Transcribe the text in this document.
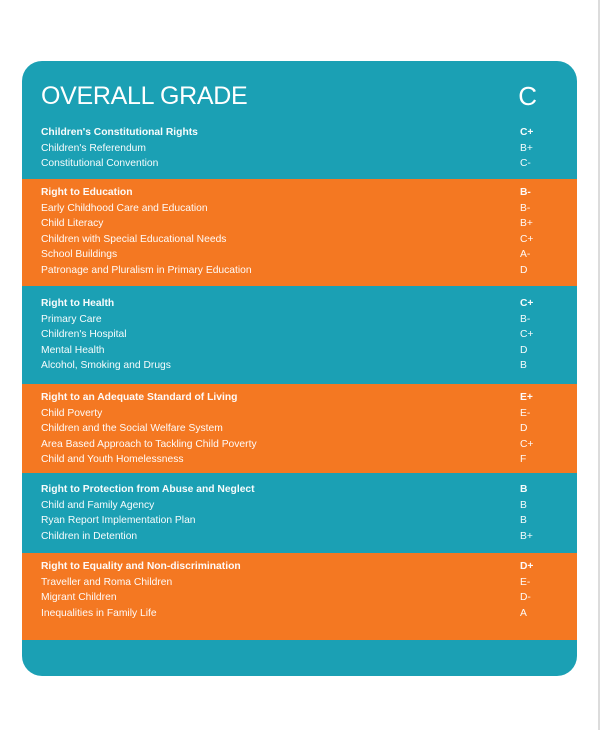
OVERALL GRADE	C
Children's Constitutional Rights	C+
Children's Referendum	B+
Constitutional Convention	C-
Right to Education	B-
Early Childhood Care and Education	B-
Child Literacy	B+
Children with Special Educational Needs	C+
School Buildings	A-
Patronage and Pluralism in Primary Education	D
Right to Health	C+
Primary Care	B-
Children's Hospital	C+
Mental Health	D
Alcohol, Smoking and Drugs	B
Right to an Adequate Standard of Living	E+
Child Poverty	E-
Children and the Social Welfare System	D
Area Based Approach to Tackling Child Poverty	C+
Child and Youth Homelessness	F
Right to Protection from Abuse and Neglect	B
Child and Family Agency	B
Ryan Report Implementation Plan	B
Children in Detention	B+
Right to Equality and Non-discrimination	D+
Traveller and Roma Children	E-
Migrant Children	D-
Inequalities in Family Life	A
